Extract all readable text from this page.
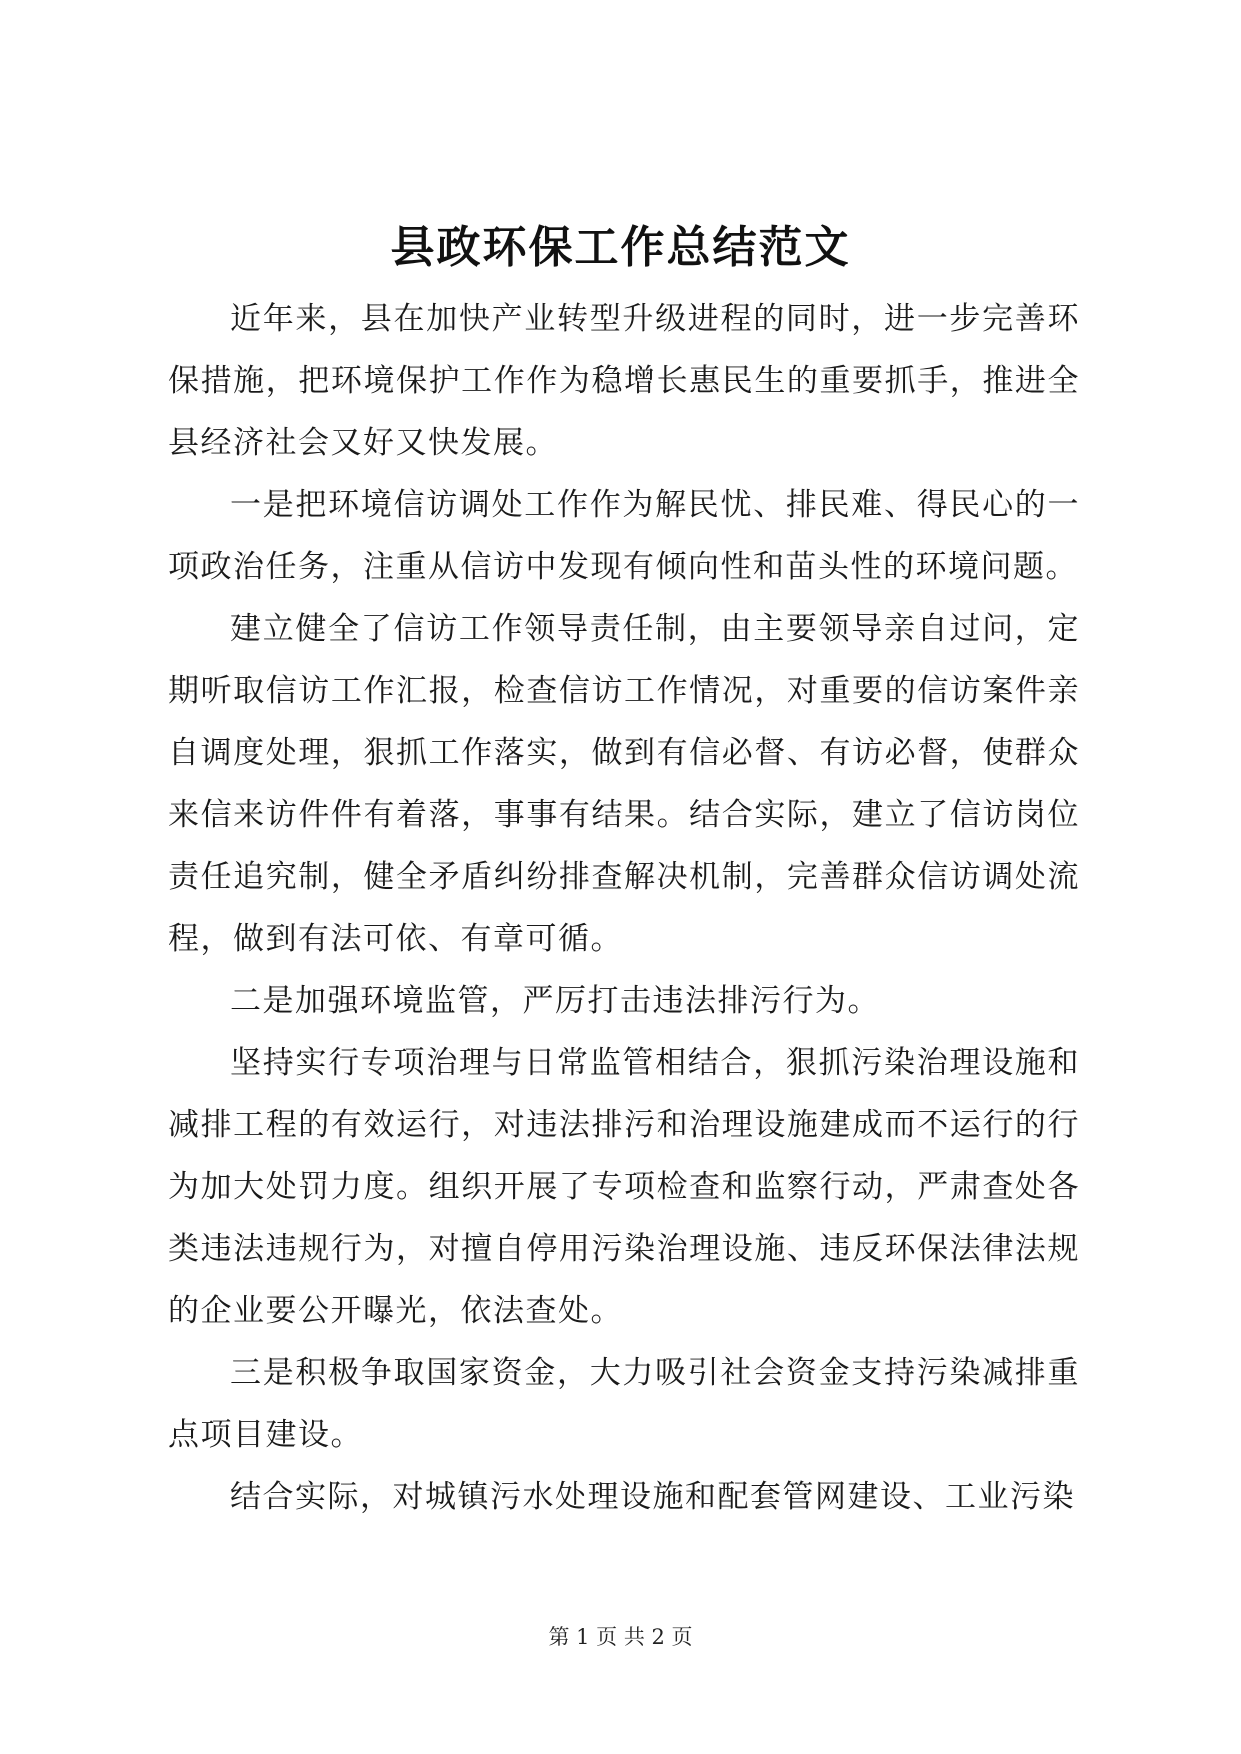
县政环保工作总结范文

近年来，县在加快产业转型升级进程的同时，进一步完善环保措施，把环境保护工作作为稳增长惠民生的重要抓手，推进全县经济社会又好又快发展。

一是把环境信访调处工作作为解民忧、排民难、得民心的一项政治任务，注重从信访中发现有倾向性和苗头性的环境问题。

建立健全了信访工作领导责任制，由主要领导亲自过问，定期听取信访工作汇报，检查信访工作情况，对重要的信访案件亲自调度处理，狠抓工作落实，做到有信必督、有访必督，使群众来信来访件件有着落，事事有结果。结合实际，建立了信访岗位责任追究制，健全矛盾纠纷排查解决机制，完善群众信访调处流程，做到有法可依、有章可循。

二是加强环境监管，严厉打击违法排污行为。

坚持实行专项治理与日常监管相结合，狠抓污染治理设施和减排工程的有效运行，对违法排污和治理设施建成而不运行的行为加大处罚力度。组织开展了专项检查和监察行动，严肃查处各类违法违规行为，对擅自停用污染治理设施、违反环保法律法规的企业要公开曝光，依法查处。

三是积极争取国家资金，大力吸引社会资金支持污染减排重点项目建设。

结合实际，对城镇污水处理设施和配套管网建设、工业污染

第 1 页 共 2 页
